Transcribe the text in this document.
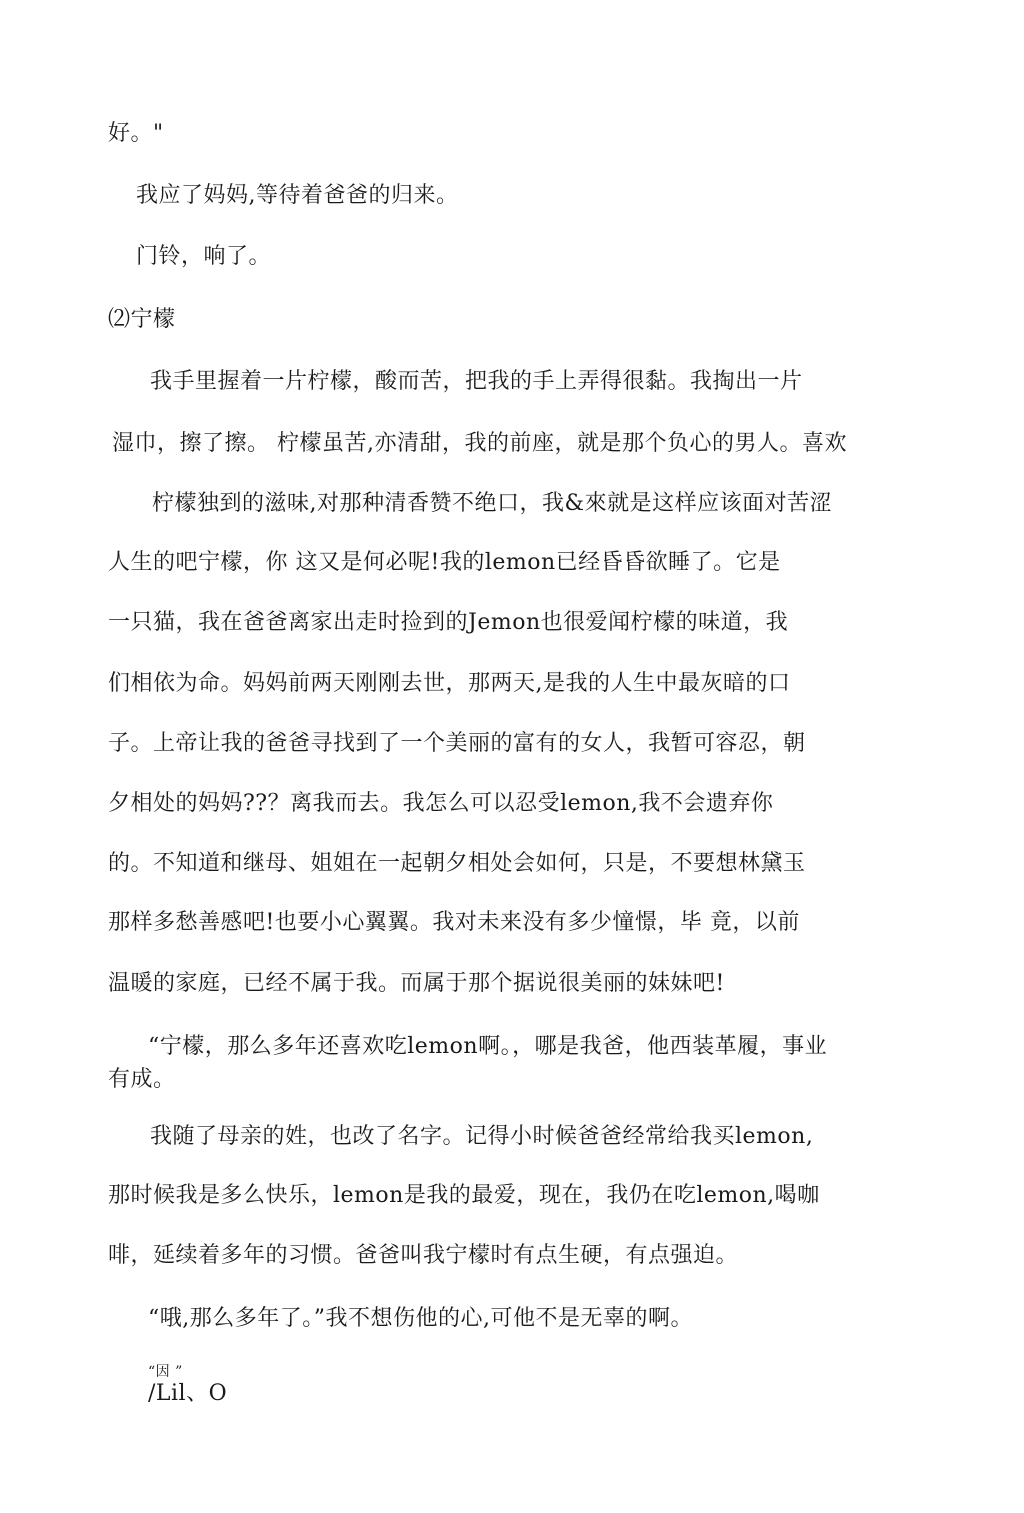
好。"
我应了妈妈,等待着爸爸的归来。
门铃，响了。
⑵宁檬
我手里握着一片柠檬，酸而苦，把我的手上弄得很黏。我掏出一片
湿巾，擦了擦。 柠檬虽苦,亦清甜，我的前座，就是那个负心的男人。喜欢
柠檬独到的滋味,对那种清香赞不绝口，我&來就是这样应该面对苦涩
人生的吧宁檬，你 这又是何必呢!我的lemon已经昏昏欲睡了。它是
一只猫，我在爸爸离家出走时捡到的Jemon也很爱闻柠檬的味道，我
们相依为命。妈妈前两天刚刚去世，那两天,是我的人生中最灰暗的口
子。上帝让我的爸爸寻找到了一个美丽的富有的女人，我暂可容忍，朝
夕相处的妈妈??？离我而去。我怎么可以忍受lemon,我不会遗弃你
的。不知道和继母、姐姐在一起朝夕相处会如何，只是，不要想林黛玉
那样多愁善慼吧!也要小心翼翼。我对未来没有多少憧憬，毕 竟，以前
温暖的家庭，已经不属于我。而属于那个据说很美丽的妹妹吧!
“宁檬，那么多年还喜欢吃lemon啊。，哪是我爸，他西装革履，事业
有成。
我随了母亲的姓，也改了名字。记得小时候爸爸经常给我买lemon,
那时候我是多么快乐，lemon是我的最爱，现在，我仍在吃lemon,喝咖
啡，延续着多年的习惯。爸爸叫我宁檬时有点生硬，有点强迫。
“哦,那么多年了。”我不想伤他的心,可他不是无辜的啊。
“因 ”
/Lil、O
